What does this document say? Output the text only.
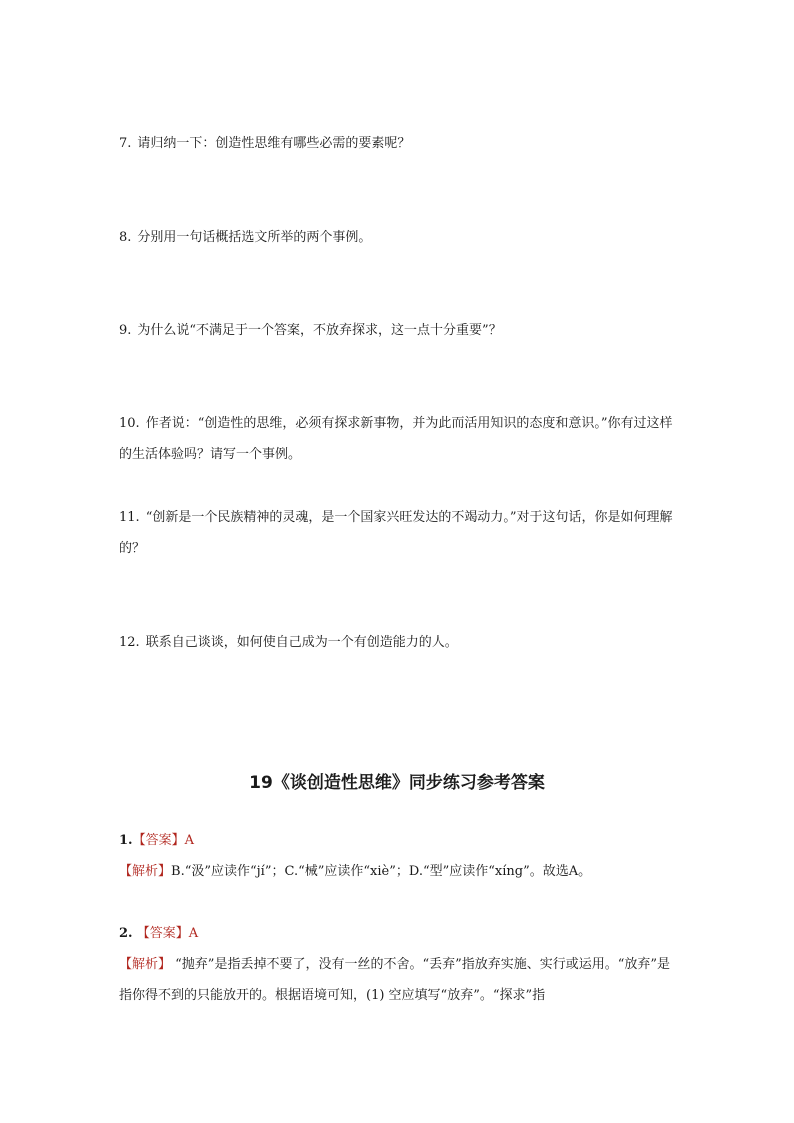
7. 请归纳一下：创造性思维有哪些必需的要素呢？

8. 分别用一句话概括选文所举的两个事例。

9. 为什么说“不满足于一个答案，不放弃探求，这一点十分重要”？

10. 作者说：“创造性的思维，必须有探求新事物，并为此而活用知识的态度和意识。”你有过这样的生活体验吗？请写一个事例。

11. “创新是一个民族精神的灵魂，是一个国家兴旺发达的不竭动力。”对于这句话，你是如何理解的？

12. 联系自己谈谈，如何使自己成为一个有创造能力的人。

19《谈创造性思维》同步练习参考答案

1.【答案】A

【解析】B.“汲”应读作“jí”；C.“械”应读作“xiè”；D.“型”应读作“xíng”。故选A。

2. 【答案】A

【解析】 “抛弃”是指丢掉不要了，没有一丝的不舍。“丢弃”指放弃实施、实行或运用。“放弃”是指你得不到的只能放开的。根据语境可知，(1) 空应填写“放弃”。“探求”指
